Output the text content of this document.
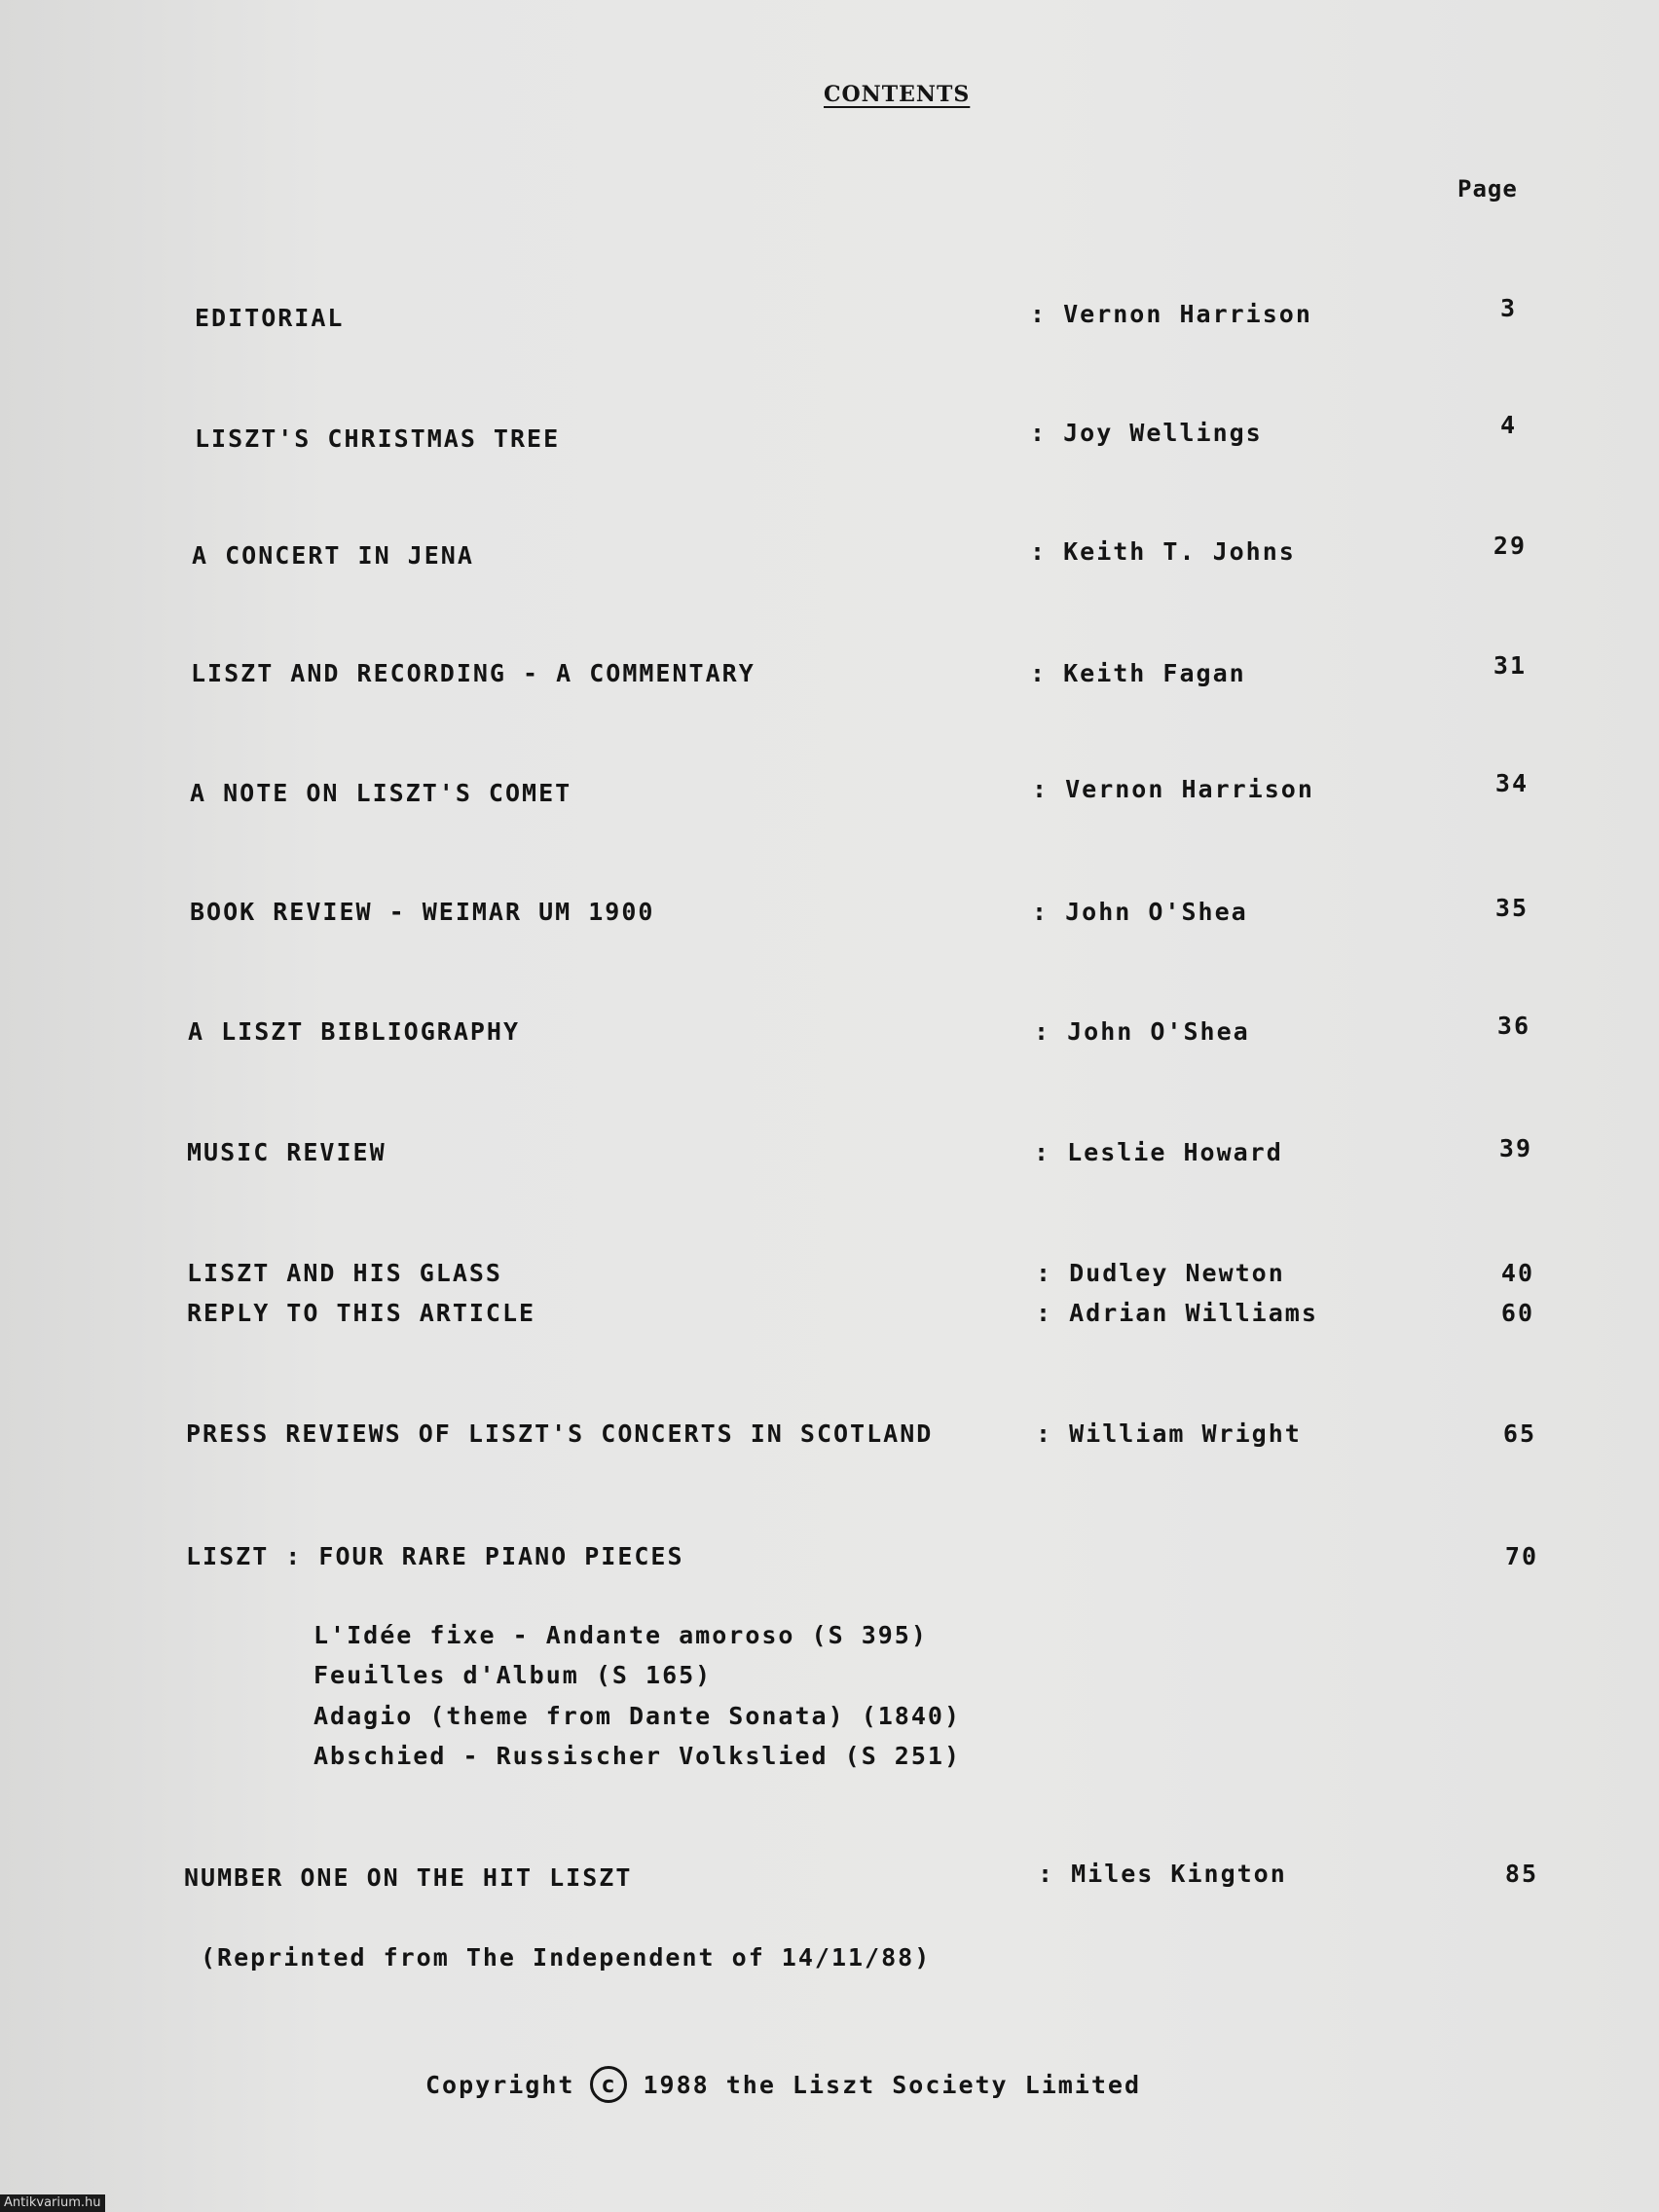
CONTENTS
Page
EDITORIAL	: Vernon Harrison	3
LISZT'S CHRISTMAS TREE	: Joy Wellings	4
A CONCERT IN JENA	: Keith T. Johns	29
LISZT AND RECORDING - A COMMENTARY	: Keith Fagan	31
A NOTE ON LISZT'S COMET	: Vernon Harrison	34
BOOK REVIEW - WEIMAR UM 1900	: John O'Shea	35
A LISZT BIBLIOGRAPHY	: John O'Shea	36
MUSIC REVIEW	: Leslie Howard	39
LISZT AND HIS GLASS	: Dudley Newton	40
REPLY TO THIS ARTICLE	: Adrian Williams	60
PRESS REVIEWS OF LISZT'S CONCERTS IN SCOTLAND	: William Wright	65
LISZT : FOUR RARE PIANO PIECES	70
L'Idée fixe - Andante amoroso (S 395)
Feuilles d'Album (S 165)
Adagio (theme from Dante Sonata) (1840)
Abschied - Russischer Volkslied (S 251)
NUMBER ONE ON THE HIT LISZT	: Miles Kington	85
(Reprinted from The Independent of 14/11/88)
Copyright	c	1988 the Liszt Society Limited
Antikvarium.hu
